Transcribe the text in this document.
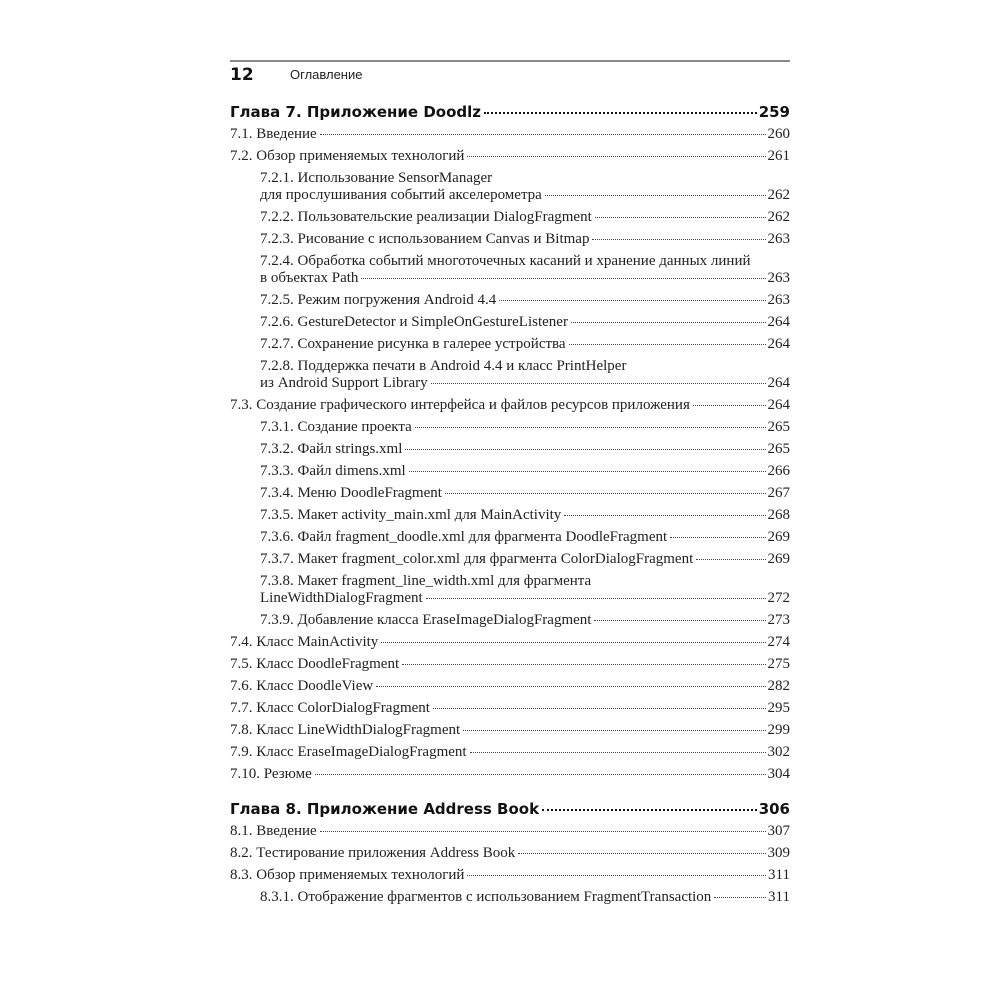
12	Оглавление
Глава 7. Приложение Doodlz	259
7.1. Введение	260
7.2. Обзор применяемых технологий	261
7.2.1. Использование SensorManager
для прослушивания событий акселерометра	262
7.2.2. Пользовательские реализации DialogFragment	262
7.2.3. Рисование с использованием Canvas и Bitmap	263
7.2.4. Обработка событий многоточечных касаний и хранение данных линий
в объектах Path	263
7.2.5. Режим погружения Android 4.4	263
7.2.6. GestureDetector и SimpleOnGestureListener	264
7.2.7. Сохранение рисунка в галерее устройства	264
7.2.8. Поддержка печати в Android 4.4 и класс PrintHelper
из Android Support Library	264
7.3. Создание графического интерфейса и файлов ресурсов приложения	264
7.3.1. Создание проекта	265
7.3.2. Файл strings.xml	265
7.3.3. Файл dimens.xml	266
7.3.4. Меню DoodleFragment	267
7.3.5. Макет activity_main.xml для MainActivity	268
7.3.6. Файл fragment_doodle.xml для фрагмента DoodleFragment	269
7.3.7. Макет fragment_color.xml для фрагмента ColorDialogFragment	269
7.3.8. Макет fragment_line_width.xml для фрагмента
LineWidthDialogFragment	272
7.3.9. Добавление класса EraseImageDialogFragment	273
7.4. Класс MainActivity	274
7.5. Класс DoodleFragment	275
7.6. Класс DoodleView	282
7.7. Класс ColorDialogFragment	295
7.8. Класс LineWidthDialogFragment	299
7.9. Класс EraseImageDialogFragment	302
7.10. Резюме	304
Глава 8. Приложение Address Book	306
8.1. Введение	307
8.2. Тестирование приложения Address Book	309
8.3. Обзор применяемых технологий	311
8.3.1. Отображение фрагментов с использованием FragmentTransaction	311
